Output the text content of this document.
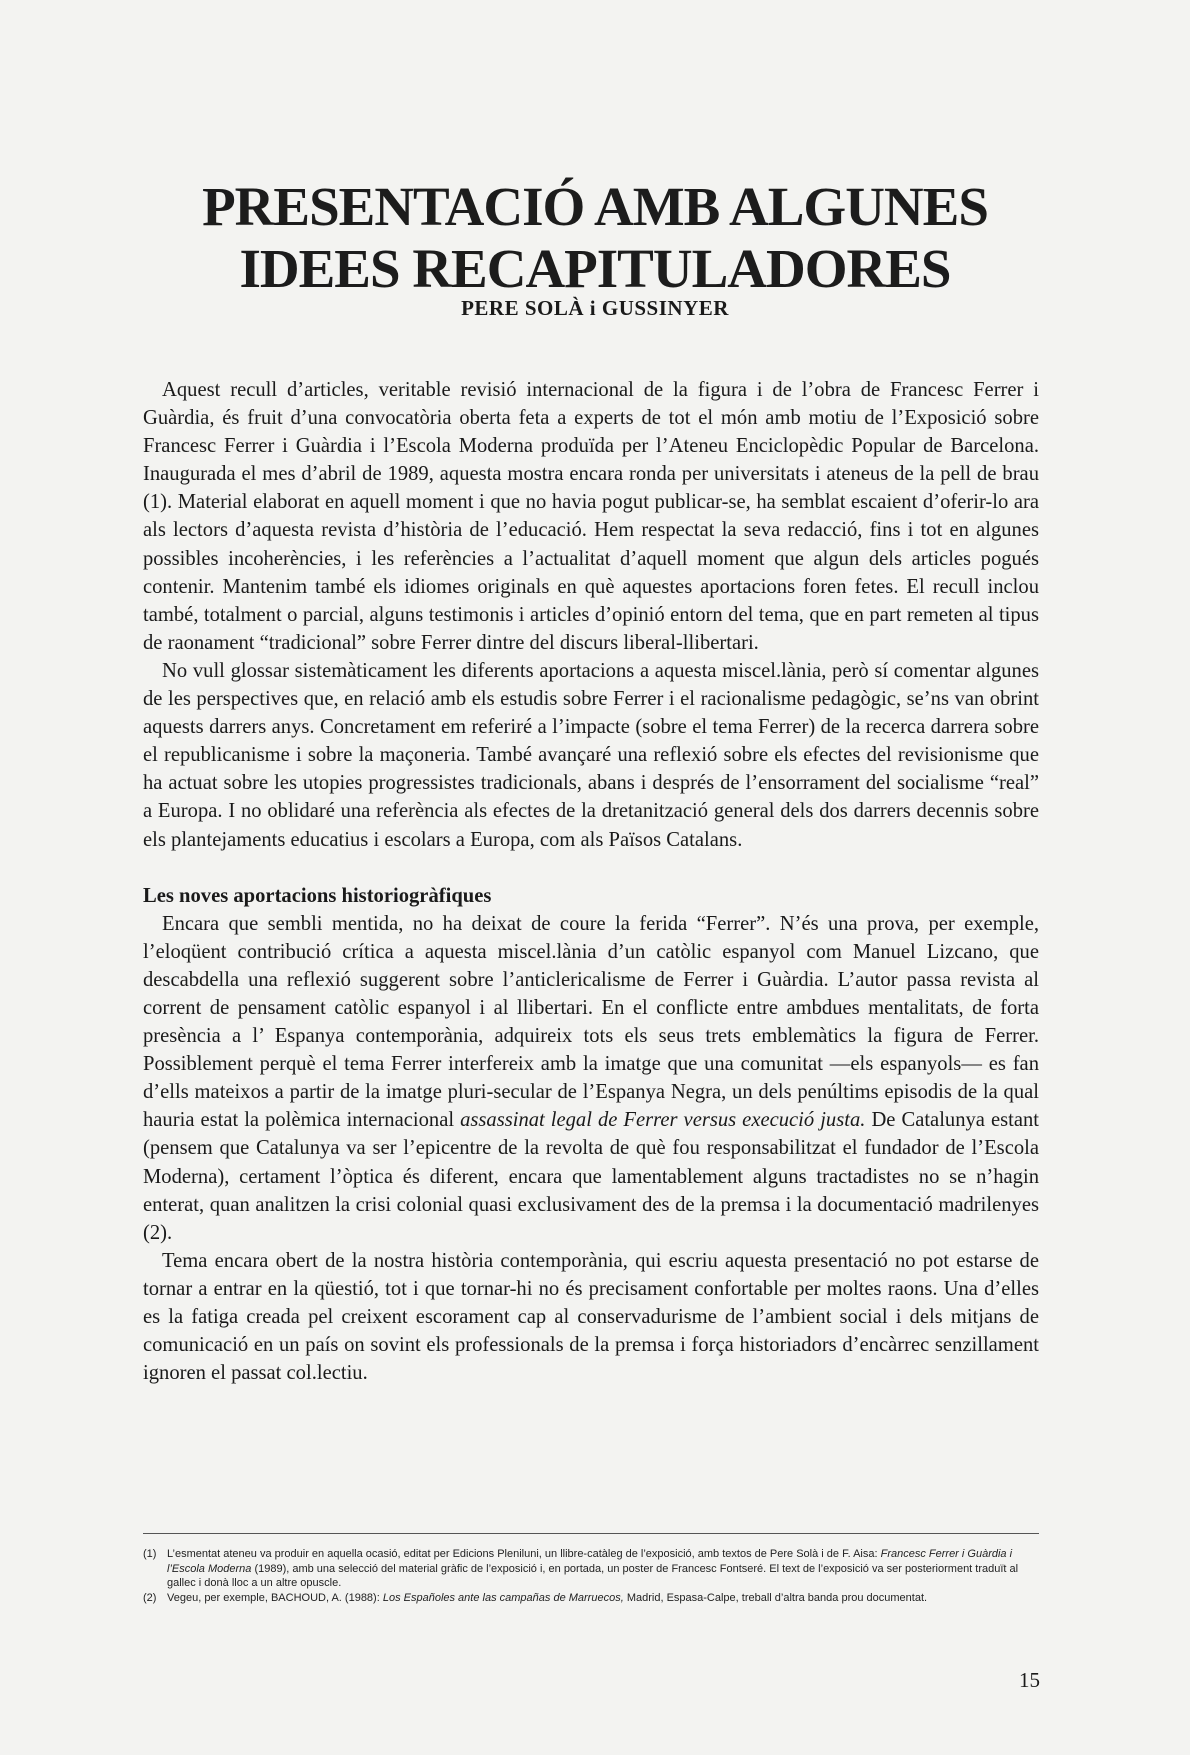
PRESENTACIÓ AMB ALGUNES
IDEES RECAPITULADORES
PERE SOLÀ i GUSSINYER

Aquest recull d’articles, veritable revisió internacional de la figura i de l’obra de Francesc Ferrer i Guàrdia, és fruit d’una convocatòria oberta feta a experts de tot el món amb motiu de l’Exposició sobre Francesc Ferrer i Guàrdia i l’Escola Moderna produïda per l’Ateneu Enciclopèdic Popular de Barcelona. Inaugurada el mes d’abril de 1989, aquesta mostra encara ronda per universitats i ateneus de la pell de brau (1). Material elaborat en aquell moment i que no havia pogut publicar-se, ha semblat escaient d’oferir-lo ara als lectors d’aquesta revista d’història de l’educació. Hem respectat la seva redacció, fins i tot en algunes possibles incoherències, i les referències a l’actualitat d’aquell moment que algun dels articles pogués contenir. Mantenim també els idiomes originals en què aquestes aportacions foren fetes. El recull inclou també, totalment o parcial, alguns testimonis i articles d’opinió entorn del tema, que en part remeten al tipus de raonament “tradicional” sobre Ferrer dintre del discurs liberal-llibertari.

No vull glossar sistemàticament les diferents aportacions a aquesta miscel.lània, però sí comentar algunes de les perspectives que, en relació amb els estudis sobre Ferrer i el racionalisme pedagògic, se’ns van obrint aquests darrers anys. Concretament em referiré a l’impacte (sobre el tema Ferrer) de la recerca darrera sobre el republicanisme i sobre la maçoneria. També avançaré una reflexió sobre els efectes del revisionisme que ha actuat sobre les utopies progressistes tradicionals, abans i després de l’ensorrament del socialisme “real” a Europa. I no oblidaré una referència als efectes de la dretanització general dels dos darrers decennis sobre els plantejaments educatius i escolars a Europa, com als Països Catalans.

Les noves aportacions historiogràfiques

Encara que sembli mentida, no ha deixat de coure la ferida “Ferrer”. N’és una prova, per exemple, l’eloqüent contribució crítica a aquesta miscel.lània d’un catòlic espanyol com Manuel Lizcano, que descabdella una reflexió suggerent sobre l’anticlericalisme de Ferrer i Guàrdia. L’autor passa revista al corrent de pensament catòlic espanyol i al llibertari. En el conflicte entre ambdues mentalitats, de forta presència a l’ Espanya contemporània, adquireix tots els seus trets emblemàtics la figura de Ferrer. Possiblement perquè el tema Ferrer interfereix amb la imatge que una comunitat —els espanyols— es fan d’ells mateixos a partir de la imatge pluri-secular de l’Espanya Negra, un dels penúltims episodis de la qual hauria estat la polèmica internacional assassinat legal de Ferrer versus execució justa. De Catalunya estant (pensem que Catalunya va ser l’epicentre de la revolta de què fou responsabilitzat el fundador de l’Escola Moderna), certament l’òptica és diferent, encara que lamentablement alguns tractadistes no se n’hagin enterat, quan analitzen la crisi colonial quasi exclusivament des de la premsa i la documentació madrilenyes (2).

Tema encara obert de la nostra història contemporània, qui escriu aquesta presentació no pot estarse de tornar a entrar en la qüestió, tot i que tornar-hi no és precisament confortable per moltes raons. Una d’elles es la fatiga creada pel creixent escorament cap al conservadurisme de l’ambient social i dels mitjans de comunicació en un país on sovint els professionals de la premsa i força historiadors d’encàrrec senzillament ignoren el passat col.lectiu.

(1) L’esmentat ateneu va produir en aquella ocasió, editat per Edicions Pleniluni, un llibre-catàleg de l’exposició, amb textos de Pere Solà i de F. Aisa: Francesc Ferrer i Guàrdia i l’Escola Moderna (1989), amb una selecció del material gràfic de l’exposició i, en portada, un poster de Francesc Fontseré. El text de l’exposició va ser posteriorment traduït al gallec i donà lloc a un altre opuscle.
(2) Vegeu, per exemple, BACHOUD, A. (1988): Los Españoles ante las campañas de Marruecos, Madrid, Espasa-Calpe, treball d’altra banda prou documentat.
15
